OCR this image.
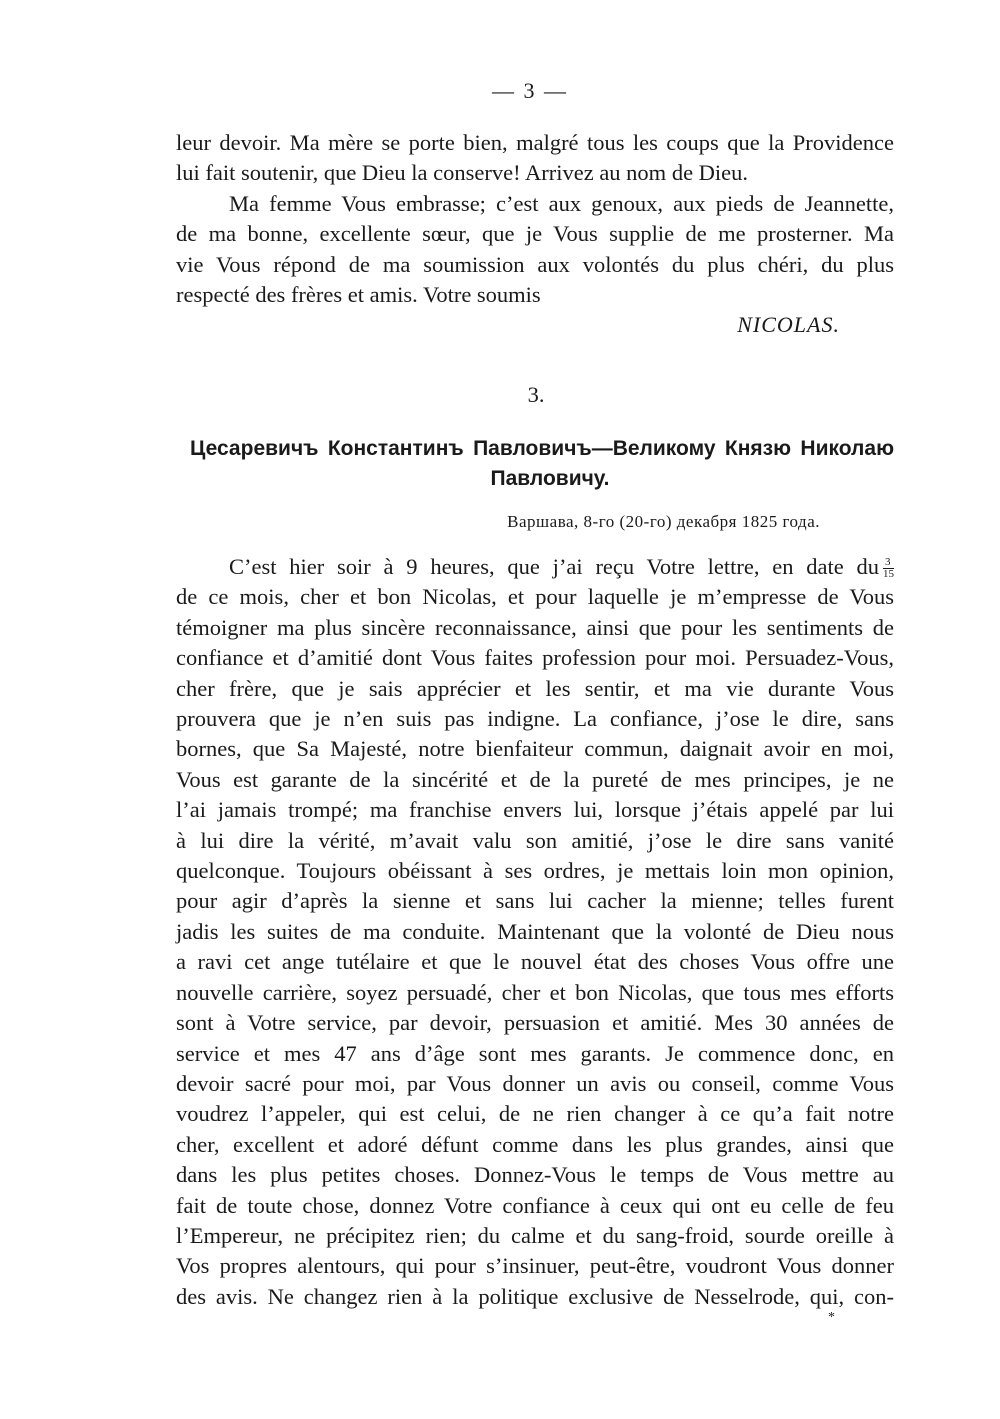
— 3 —
leur devoir. Ma mère se porte bien, malgré tous les coups que la Providence
lui fait soutenir, que Dieu la conserve! Arrivez au nom de Dieu.
Ma femme Vous embrasse; c’est aux genoux, aux pieds de Jeannette,
de ma bonne, excellente sœur, que je Vous supplie de me prosterner. Ma
vie Vous répond de ma soumission aux volontés du plus chéri, du plus
respecté des frères et amis. Votre soumis
NICOLAS.
3.
Цесаревичъ Константинъ Павловичъ—Великому Князю Николаю
Павловичу.
Варшава, 8-го (20-го) декабря 1825 года.
C’est hier soir à 9 heures, que j’ai reçu Votre lettre, en date du $\frac{3}{15}$
de ce mois, cher et bon Nicolas, et pour laquelle je m’empresse de Vous
témoigner ma plus sincère reconnaissance, ainsi que pour les sentiments de
confiance et d’amitié dont Vous faites profession pour moi. Persuadez-Vous,
cher frère, que je sais apprécier et les sentir, et ma vie durante Vous
prouvera que je n’en suis pas indigne. La confiance, j’ose le dire, sans
bornes, que Sa Majesté, notre bienfaiteur commun, daignait avoir en moi,
Vous est garante de la sincérité et de la pureté de mes principes, je ne
l’ai jamais trompé; ma franchise envers lui, lorsque j’étais appelé par lui
à lui dire la vérité, m’avait valu son amitié, j’ose le dire sans vanité
quelconque. Toujours obéissant à ses ordres, je mettais loin mon opinion,
pour agir d’après la sienne et sans lui cacher la mienne; telles furent
jadis les suites de ma conduite. Maintenant que la volonté de Dieu nous
a ravi cet ange tutélaire et que le nouvel état des choses Vous offre une
nouvelle carrière, soyez persuadé, cher et bon Nicolas, que tous mes efforts
sont à Votre service, par devoir, persuasion et amitié. Mes 30 années de
service et mes 47 ans d’âge sont mes garants. Je commence donc, en
devoir sacré pour moi, par Vous donner un avis ou conseil, comme Vous
voudrez l’appeler, qui est celui, de ne rien changer à ce qu’a fait notre
cher, excellent et adoré défunt comme dans les plus grandes, ainsi que
dans les plus petites choses. Donnez-Vous le temps de Vous mettre au
fait de toute chose, donnez Votre confiance à ceux qui ont eu celle de feu
l’Empereur, ne précipitez rien; du calme et du sang-froid, sourde oreille à
Vos propres alentours, qui pour s’insinuer, peut-être, voudront Vous donner
des avis. Ne changez rien à la politique exclusive de Nesselrode, qui, con-
*
